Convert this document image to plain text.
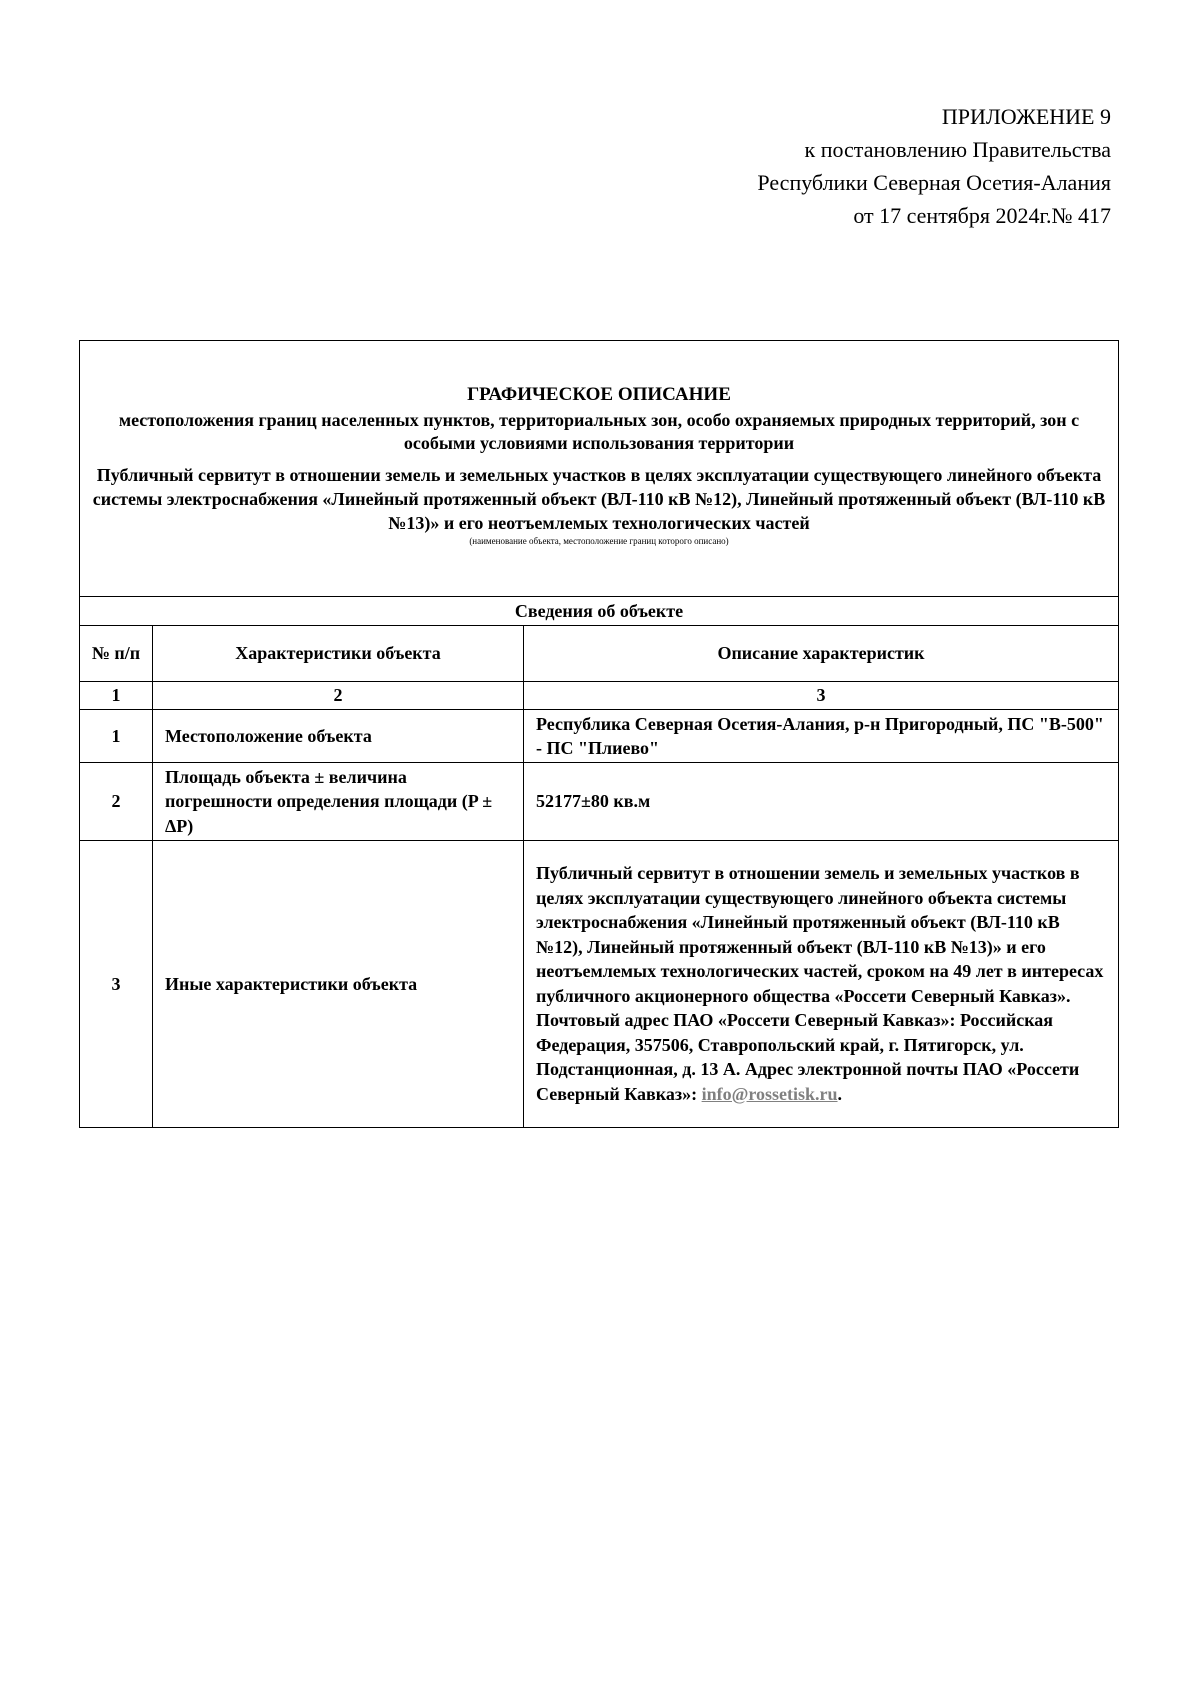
ПРИЛОЖЕНИЕ 9
к постановлению Правительства
Республики Северная Осетия-Алания
от 17 сентября 2024г.№ 417
ГРАФИЧЕСКОЕ ОПИСАНИЕ
местоположения границ населенных пунктов, территориальных зон, особо охраняемых природных территорий, зон с особыми условиями использования территории
Публичный сервитут в отношении земель и земельных участков в целях эксплуатации существующего линейного объекта системы электроснабжения «Линейный протяженный объект (ВЛ-110 кВ №12), Линейный протяженный объект (ВЛ-110 кВ №13)» и его неотъемлемых технологических частей
(наименование объекта, местоположение границ которого описано)
Сведения об объекте		
№ п/п	Характеристики объекта	Описание характеристик
1	2	3
1	Местоположение объекта	Республика Северная Осетия-Алания, р-н Пригородный, ПС "В-500" - ПС "Плиево"
2	Площадь объекта ± величина погрешности определения площади (P ± ΔP)	52177±80 кв.м
3	Иные характеристики объекта	Публичный сервитут в отношении земель и земельных участков в целях эксплуатации существующего линейного объекта системы электроснабжения «Линейный протяженный объект (ВЛ-110 кВ №12), Линейный протяженный объект (ВЛ-110 кВ №13)» и его неотъемлемых технологических частей, сроком на 49 лет в интересах публичного акционерного общества «Россети Северный Кавказ». Почтовый адрес ПАО «Россети Северный Кавказ»: Российская Федерация, 357506, Ставропольский край, г. Пятигорск, ул. Подстанционная, д. 13 А. Адрес электронной почты ПАО «Россети Северный Кавказ»: info@rossetisk.ru.
